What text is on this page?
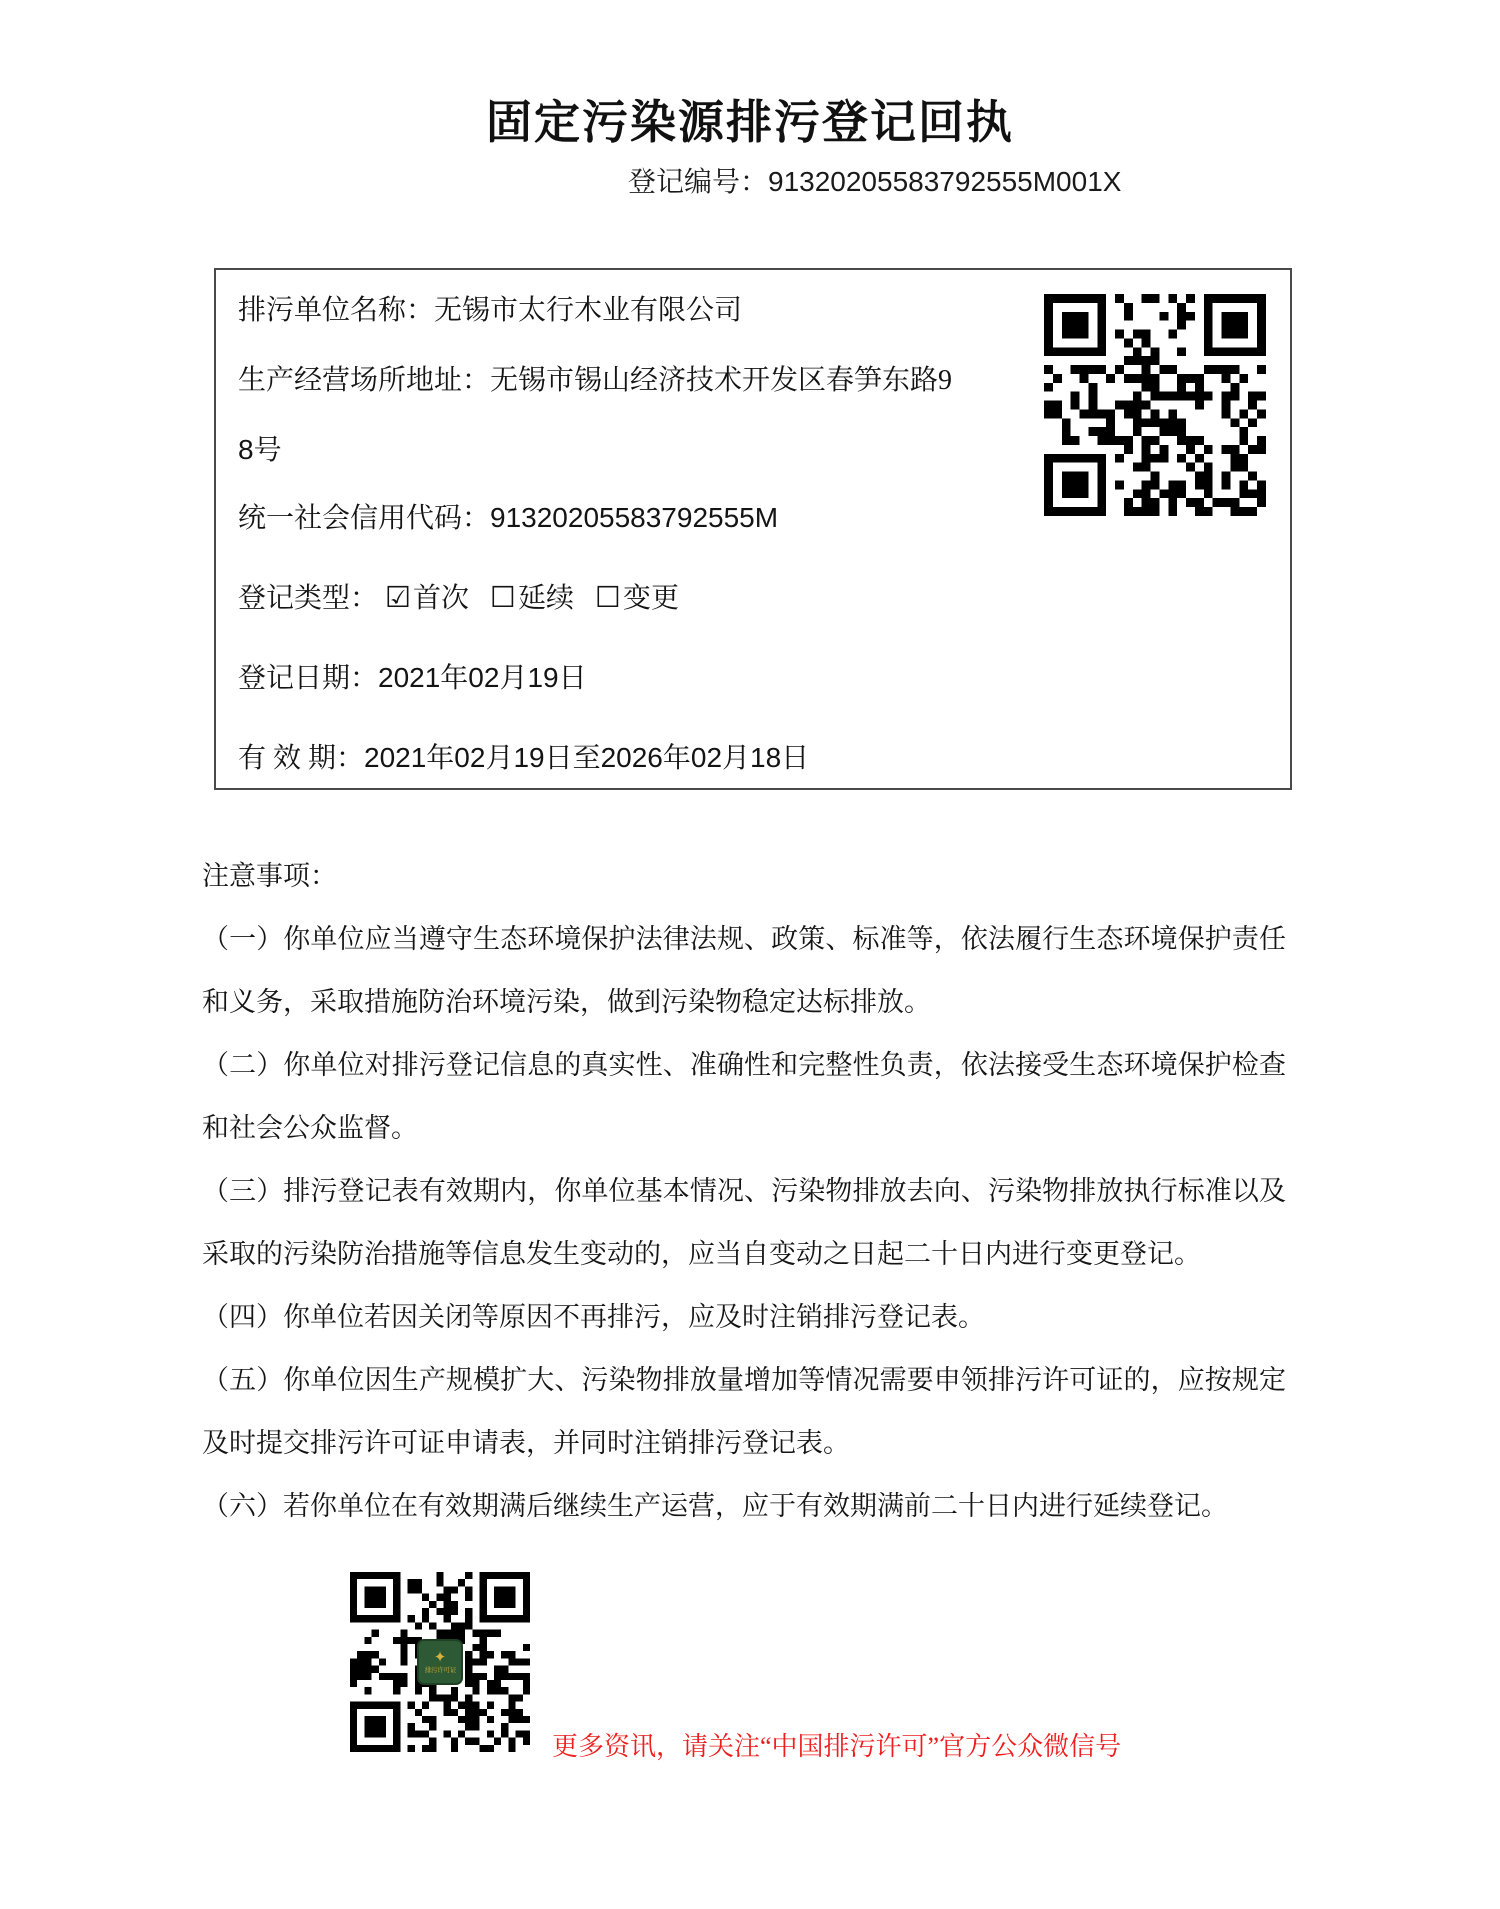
固定污染源排污登记回执
登记编号：91320205583792555M001X
排污单位名称：无锡市太行木业有限公司
生产经营场所地址：无锡市锡山经济技术开发区春笋东路9
8号
统一社会信用代码：91320205583792555M
登记类型： ☑首次 ☐延续 ☐变更
登记日期：2021年02月19日
有 效 期：2021年02月19日至2026年02月18日

注意事项：

（一）你单位应当遵守生态环境保护法律法规、政策、标准等，依法履行生态环境保护责任和义务，采取措施防治环境污染，做到污染物稳定达标排放。

（二）你单位对排污登记信息的真实性、准确性和完整性负责，依法接受生态环境保护检查和社会公众监督。

（三）排污登记表有效期内，你单位基本情况、污染物排放去向、污染物排放执行标准以及采取的污染防治措施等信息发生变动的，应当自变动之日起二十日内进行变更登记。

（四）你单位若因关闭等原因不再排污，应及时注销排污登记表。

（五）你单位因生产规模扩大、污染物排放量增加等情况需要申领排污许可证的，应按规定及时提交排污许可证申请表，并同时注销排污登记表。

（六）若你单位在有效期满后继续生产运营，应于有效期满前二十日内进行延续登记。

✦
排污许可证
更多资讯，请关注“中国排污许可”官方公众微信号
